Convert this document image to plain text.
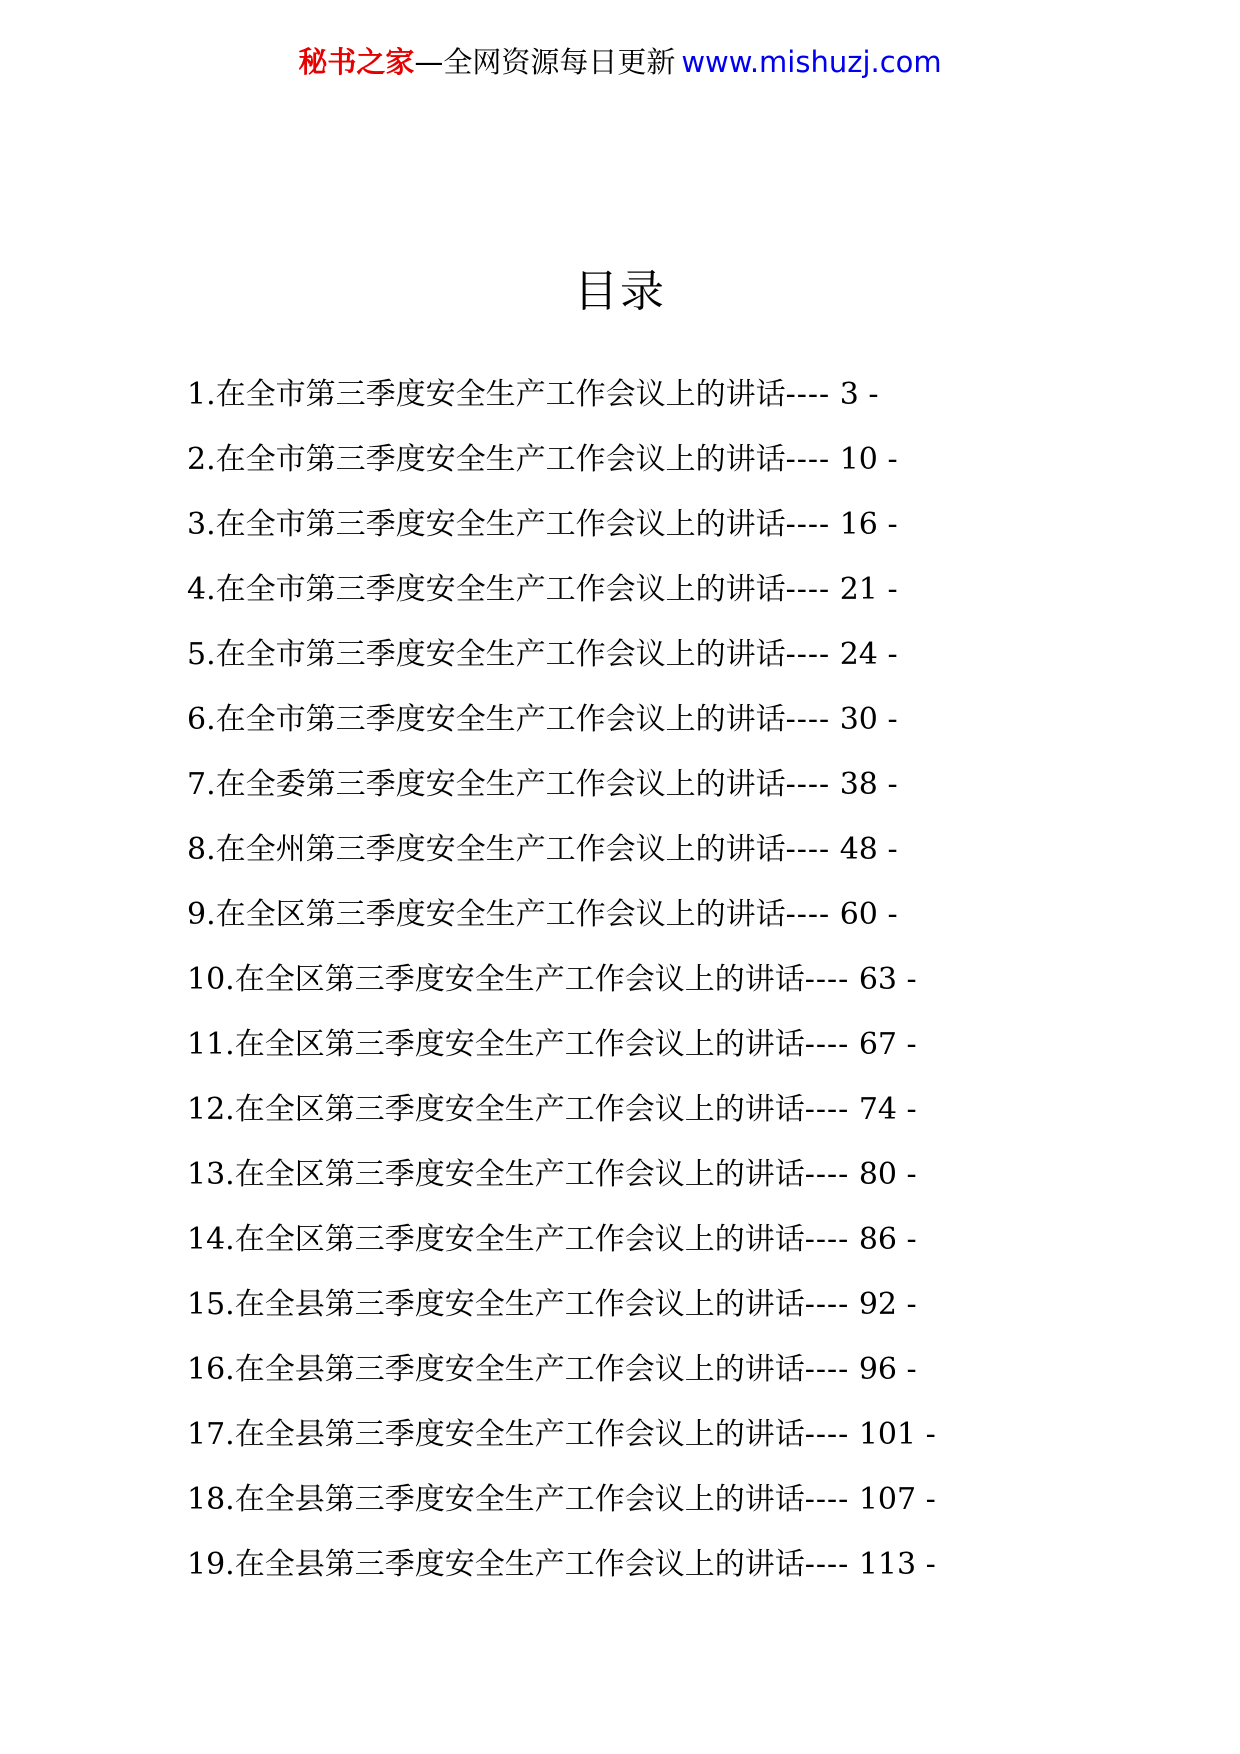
秘书之家—全网资源每日更新 www.mishuzj.com
目录
1.在全市第三季度安全生产工作会议上的讲话---- 3 -
2.在全市第三季度安全生产工作会议上的讲话---- 10 -
3.在全市第三季度安全生产工作会议上的讲话---- 16 -
4.在全市第三季度安全生产工作会议上的讲话---- 21 -
5.在全市第三季度安全生产工作会议上的讲话---- 24 -
6.在全市第三季度安全生产工作会议上的讲话---- 30 -
7.在全委第三季度安全生产工作会议上的讲话---- 38 -
8.在全州第三季度安全生产工作会议上的讲话---- 48 -
9.在全区第三季度安全生产工作会议上的讲话---- 60 -
10.在全区第三季度安全生产工作会议上的讲话---- 63 -
11.在全区第三季度安全生产工作会议上的讲话---- 67 -
12.在全区第三季度安全生产工作会议上的讲话---- 74 -
13.在全区第三季度安全生产工作会议上的讲话---- 80 -
14.在全区第三季度安全生产工作会议上的讲话---- 86 -
15.在全县第三季度安全生产工作会议上的讲话---- 92 -
16.在全县第三季度安全生产工作会议上的讲话---- 96 -
17.在全县第三季度安全生产工作会议上的讲话---- 101 -
18.在全县第三季度安全生产工作会议上的讲话---- 107 -
19.在全县第三季度安全生产工作会议上的讲话---- 113 -
